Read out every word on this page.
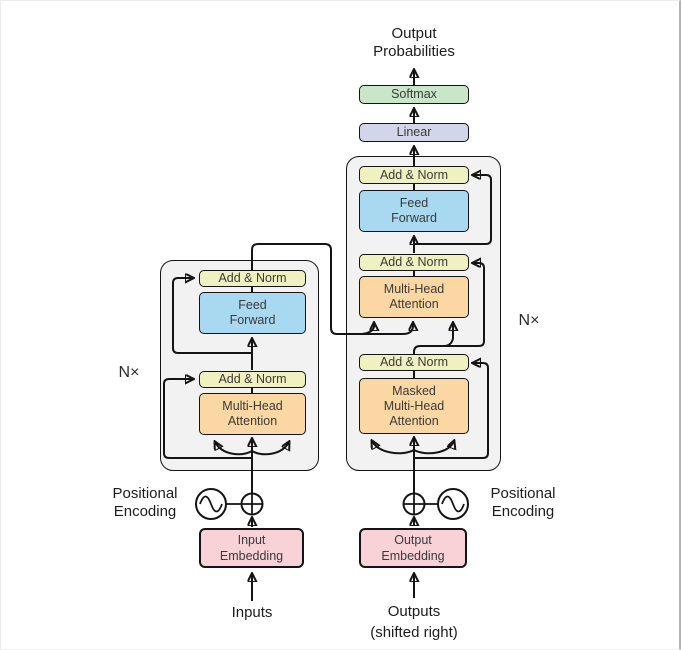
Output
Probabilities
Softmax
Linear
Add & Norm
Feed
Forward
Add & Norm
Multi-Head
Attention
N×
Add & Norm
Feed
Forward
Add & Norm
Multi-Head
Attention
Add & Norm
Masked
Multi-Head
Attention
N×
Input
Embedding
Output
Embedding
Positional
Encoding
Positional
Encoding
Inputs	Outputs
(shifted right)
